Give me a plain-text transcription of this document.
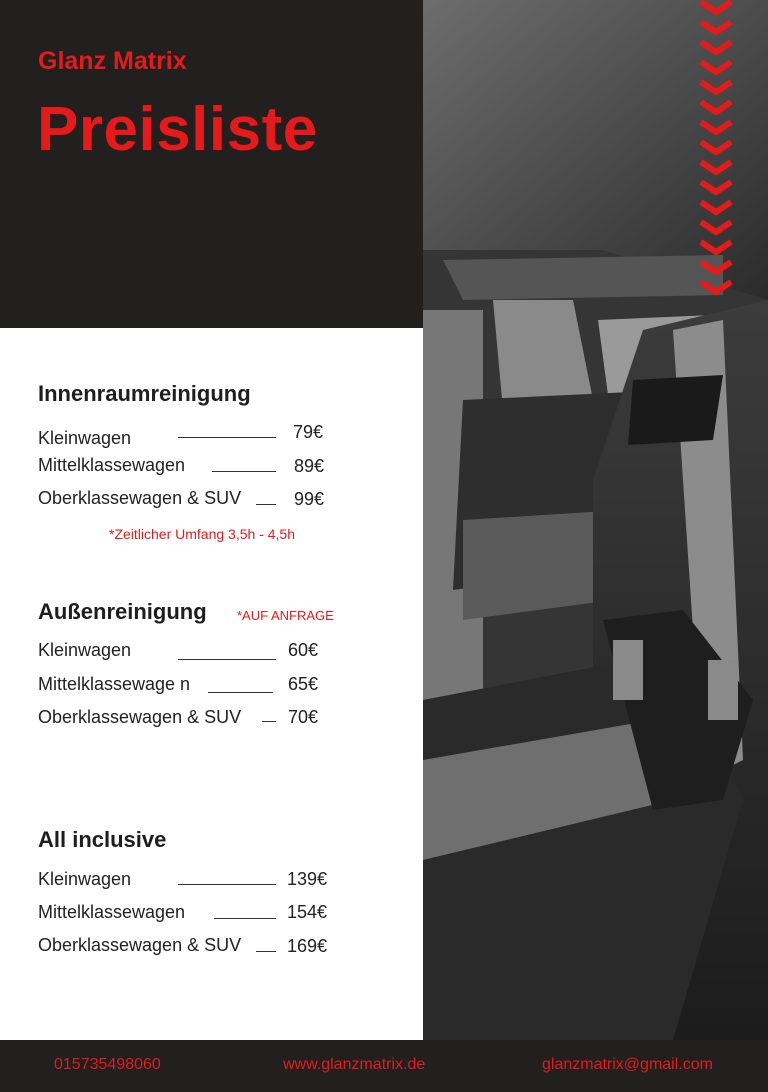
Glanz Matrix
Preisliste
Innenraumreinigung
Kleinwagen	79€
Mittelklassewagen	89€
Oberklassewagen & SUV	99€
*Zeitlicher Umfang 3,5h - 4,5h
Außenreinigung *AUF ANFRAGE
Kleinwagen	60€
Mittelklassewage n	65€
Oberklassewagen & SUV	70€
All inclusive
Kleinwagen	139€
Mittelklassewagen	154€
Oberklassewagen & SUV	169€
015735498060	www.glanzmatrix.de	glanzmatrix@gmail.com
